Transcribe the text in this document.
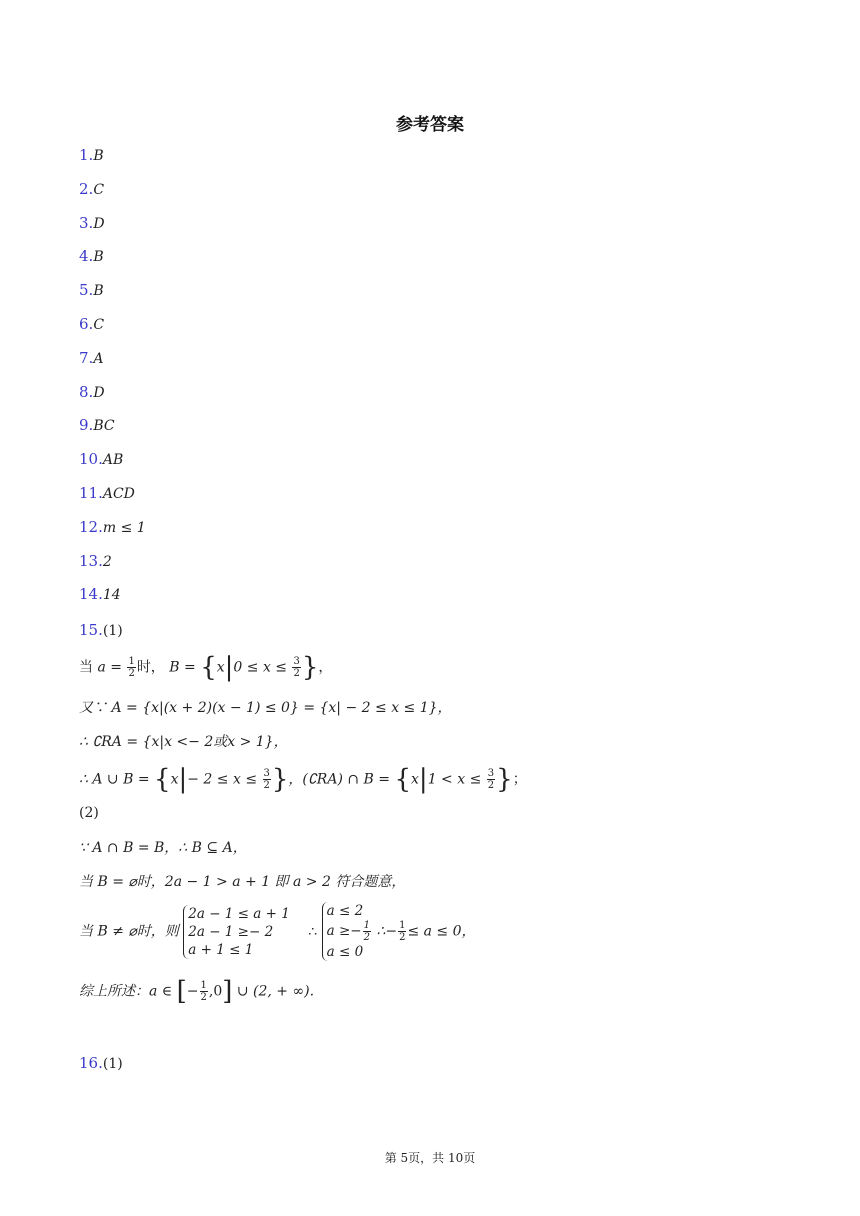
参考答案
1.B
2.C
3.D
4.B
5.B
6.C
7.A
8.D
9.BC
10.AB
11.ACD
12.m ≤ 1
13.2
14.14
15.(1)
当 $a = \frac{1}{2}$ 时， $B = \{x|0 \le x \le \frac{3}{2}$ }，
又∵ A = {x|(x + 2)(x − 1) ≤ 0} = {x| − 2 ≤ x ≤ 1}，
∴ ∁RA = {x|x <− 2或x > 1}，
∴ A ∪ $B = \{x|- 2 \le x \le \frac{3}{2}$ }，(∁RA) ∩ $B = \{x|1 < x \le \frac{3}{2}$ }；
(2)
∵ A ∩ B = B，∴ B ⊆ A，
当 B = ⌀时，2a − 1 > a + 1 即 a > 2 符合题意，
当 B ≠ ⌀时，则
2a − 1 ≤ a + 1
2a − 1 ≥− 2
a + 1 ≤ 1
∴
a ≤ 2
$a \ge- \frac{1}{2}$
a ≤ 0
∴− $\frac{1}{2} \le a \le 0$，
综上所述：a ∈ [− $\frac{1}{2} ,0$] ∪ (2, + ∞).
16.(1)
第 5页，共 10页
